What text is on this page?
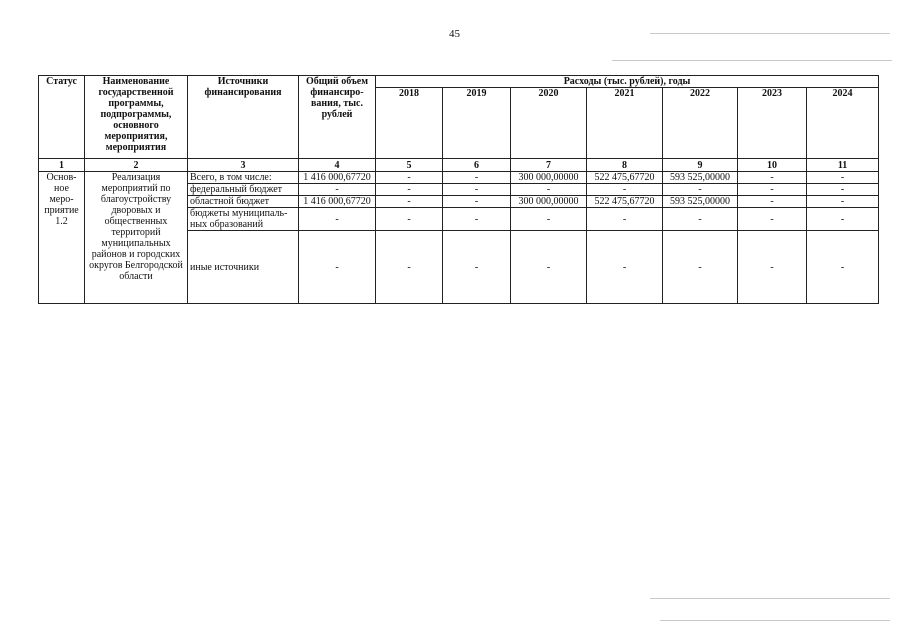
45
Статус	Наименование государственной программы, подпрограммы, основного мероприятия, мероприятия	Источники финансирования	Общий объем финансиро-вания, тыс. рублей	Расходы (тыс. рублей), годы						
				2018	2019	2020	2021	2022	2023	2024
1	2	3	4	5	6	7	8	9	10	11
Основ-ное меро-приятие 1.2	Реализация мероприятий по благоустройству дворовых и общественных территорий муниципальных районов и городских округов Белгородской области	Всего, в том числе:	1 416 000,67720	-	-	300 000,00000	522 475,67720	593 525,00000	-	-
		федеральный бюджет	-	-	-	-	-	-	-	-
		областной бюджет	1 416 000,67720	-	-	300 000,00000	522 475,67720	593 525,00000	-	-
		бюджеты муниципаль-ных образований	-	-	-	-	-	-	-	-
		иные источники	-	-	-	-	-	-	-	-
